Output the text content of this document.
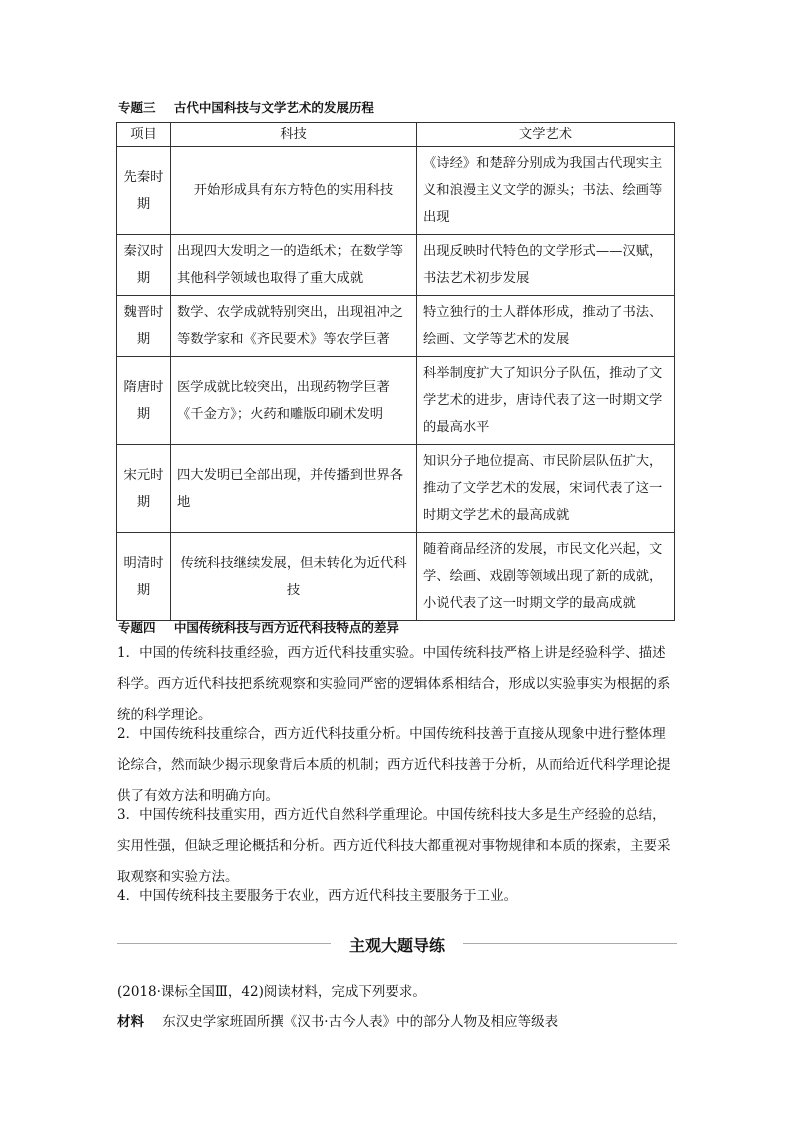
专题三 古代中国科技与文学艺术的发展历程
项目	科技	文学艺术
先秦时期	开始形成具有东方特色的实用科技	《诗经》和楚辞分别成为我国古代现实主义和浪漫主义文学的源头；书法、绘画等出现
秦汉时期	出现四大发明之一的造纸术；在数学等其他科学领域也取得了重大成就	出现反映时代特色的文学形式——汉赋，书法艺术初步发展
魏晋时期	数学、农学成就特别突出，出现祖冲之等数学家和《齐民要术》等农学巨著	特立独行的士人群体形成，推动了书法、绘画、文学等艺术的发展
隋唐时期	医学成就比较突出，出现药物学巨著《千金方》；火药和雕版印刷术发明	科举制度扩大了知识分子队伍，推动了文学艺术的进步，唐诗代表了这一时期文学的最高水平
宋元时期	四大发明已全部出现，并传播到世界各地	知识分子地位提高、市民阶层队伍扩大，推动了文学艺术的发展，宋词代表了这一时期文学艺术的最高成就
明清时期	传统科技继续发展，但未转化为近代科技	随着商品经济的发展，市民文化兴起，文学、绘画、戏剧等领域出现了新的成就，小说代表了这一时期文学的最高成就
专题四 中国传统科技与西方近代科技特点的差异
1．中国的传统科技重经验，西方近代科技重实验。中国传统科技严格上讲是经验科学、描述科学。西方近代科技把系统观察和实验同严密的逻辑体系相结合，形成以实验事实为根据的系统的科学理论。
2．中国传统科技重综合，西方近代科技重分析。中国传统科技善于直接从现象中进行整体理论综合，然而缺少揭示现象背后本质的机制；西方近代科技善于分析，从而给近代科学理论提供了有效方法和明确方向。
3．中国传统科技重实用，西方近代自然科学重理论。中国传统科技大多是生产经验的总结，实用性强，但缺乏理论概括和分析。西方近代科技大都重视对事物规律和本质的探索，主要采取观察和实验方法。
4．中国传统科技主要服务于农业，西方近代科技主要服务于工业。
主观大题导练
(2018·课标全国Ⅲ，42)阅读材料，完成下列要求。
材料 东汉史学家班固所撰《汉书·古今人表》中的部分人物及相应等级表
